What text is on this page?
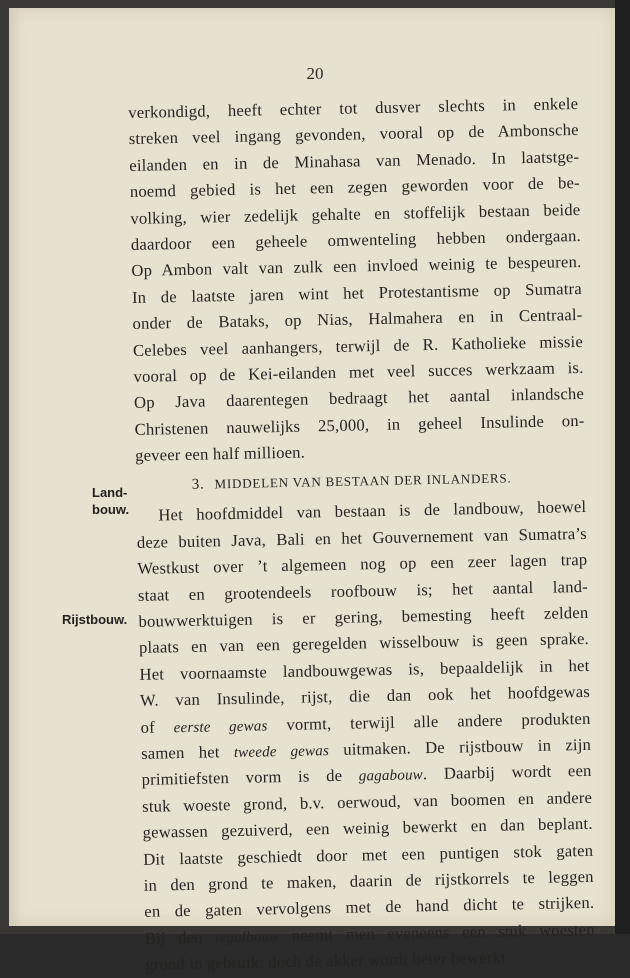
20
Land-
bouw.
Rijstbouw.
verkondigd, heeft echter tot dusver slechts in enkele
streken veel ingang gevonden, vooral op de Ambonsche
eilanden en in de Minahasa van Menado. In laatstge-
noemd gebied is het een zegen geworden voor de be-
volking, wier zedelijk gehalte en stoffelijk bestaan beide
daardoor een geheele omwenteling hebben ondergaan.
Op Ambon valt van zulk een invloed weinig te bespeuren.
In de laatste jaren wint het Protestantisme op Sumatra
onder de Bataks, op Nias, Halmahera en in Centraal-
Celebes veel aanhangers, terwijl de R. Katholieke missie
vooral op de Kei-eilanden met veel succes werkzaam is.
Op Java daarentegen bedraagt het aantal inlandsche
Christenen nauwelijks 25,000, in geheel Insulinde on-
geveer een half millioen.
3. MIDDELEN VAN BESTAAN DER INLANDERS.
Het hoofdmiddel van bestaan is de landbouw, hoewel
deze buiten Java, Bali en het Gouvernement van Sumatra’s
Westkust over ’t algemeen nog op een zeer lagen trap
staat en grootendeels roofbouw is; het aantal land-
bouwwerktuigen is er gering, bemesting heeft zelden
plaats en van een geregelden wisselbouw is geen sprake.
Het voornaamste landbouwgewas is, bepaaldelijk in het
W. van Insulinde, rijst, die dan ook het hoofdgewas
of eerste gewas vormt, terwijl alle andere produkten
samen het tweede gewas uitmaken. De rijstbouw in zijn
primitiefsten vorm is de gagabouw. Daarbij wordt een
stuk woeste grond, b.v. oerwoud, van boomen en andere
gewassen gezuiverd, een weinig bewerkt en dan beplant.
Dit laatste geschiedt door met een puntigen stok gaten
in den grond te maken, daarin de rijstkorrels te leggen
en de gaten vervolgens met de hand dicht te strijken.
Bij den tegalbouw neemt men eveneens een stuk woesten
grond in gebruik; doch de akker wordt beter bewerkt
